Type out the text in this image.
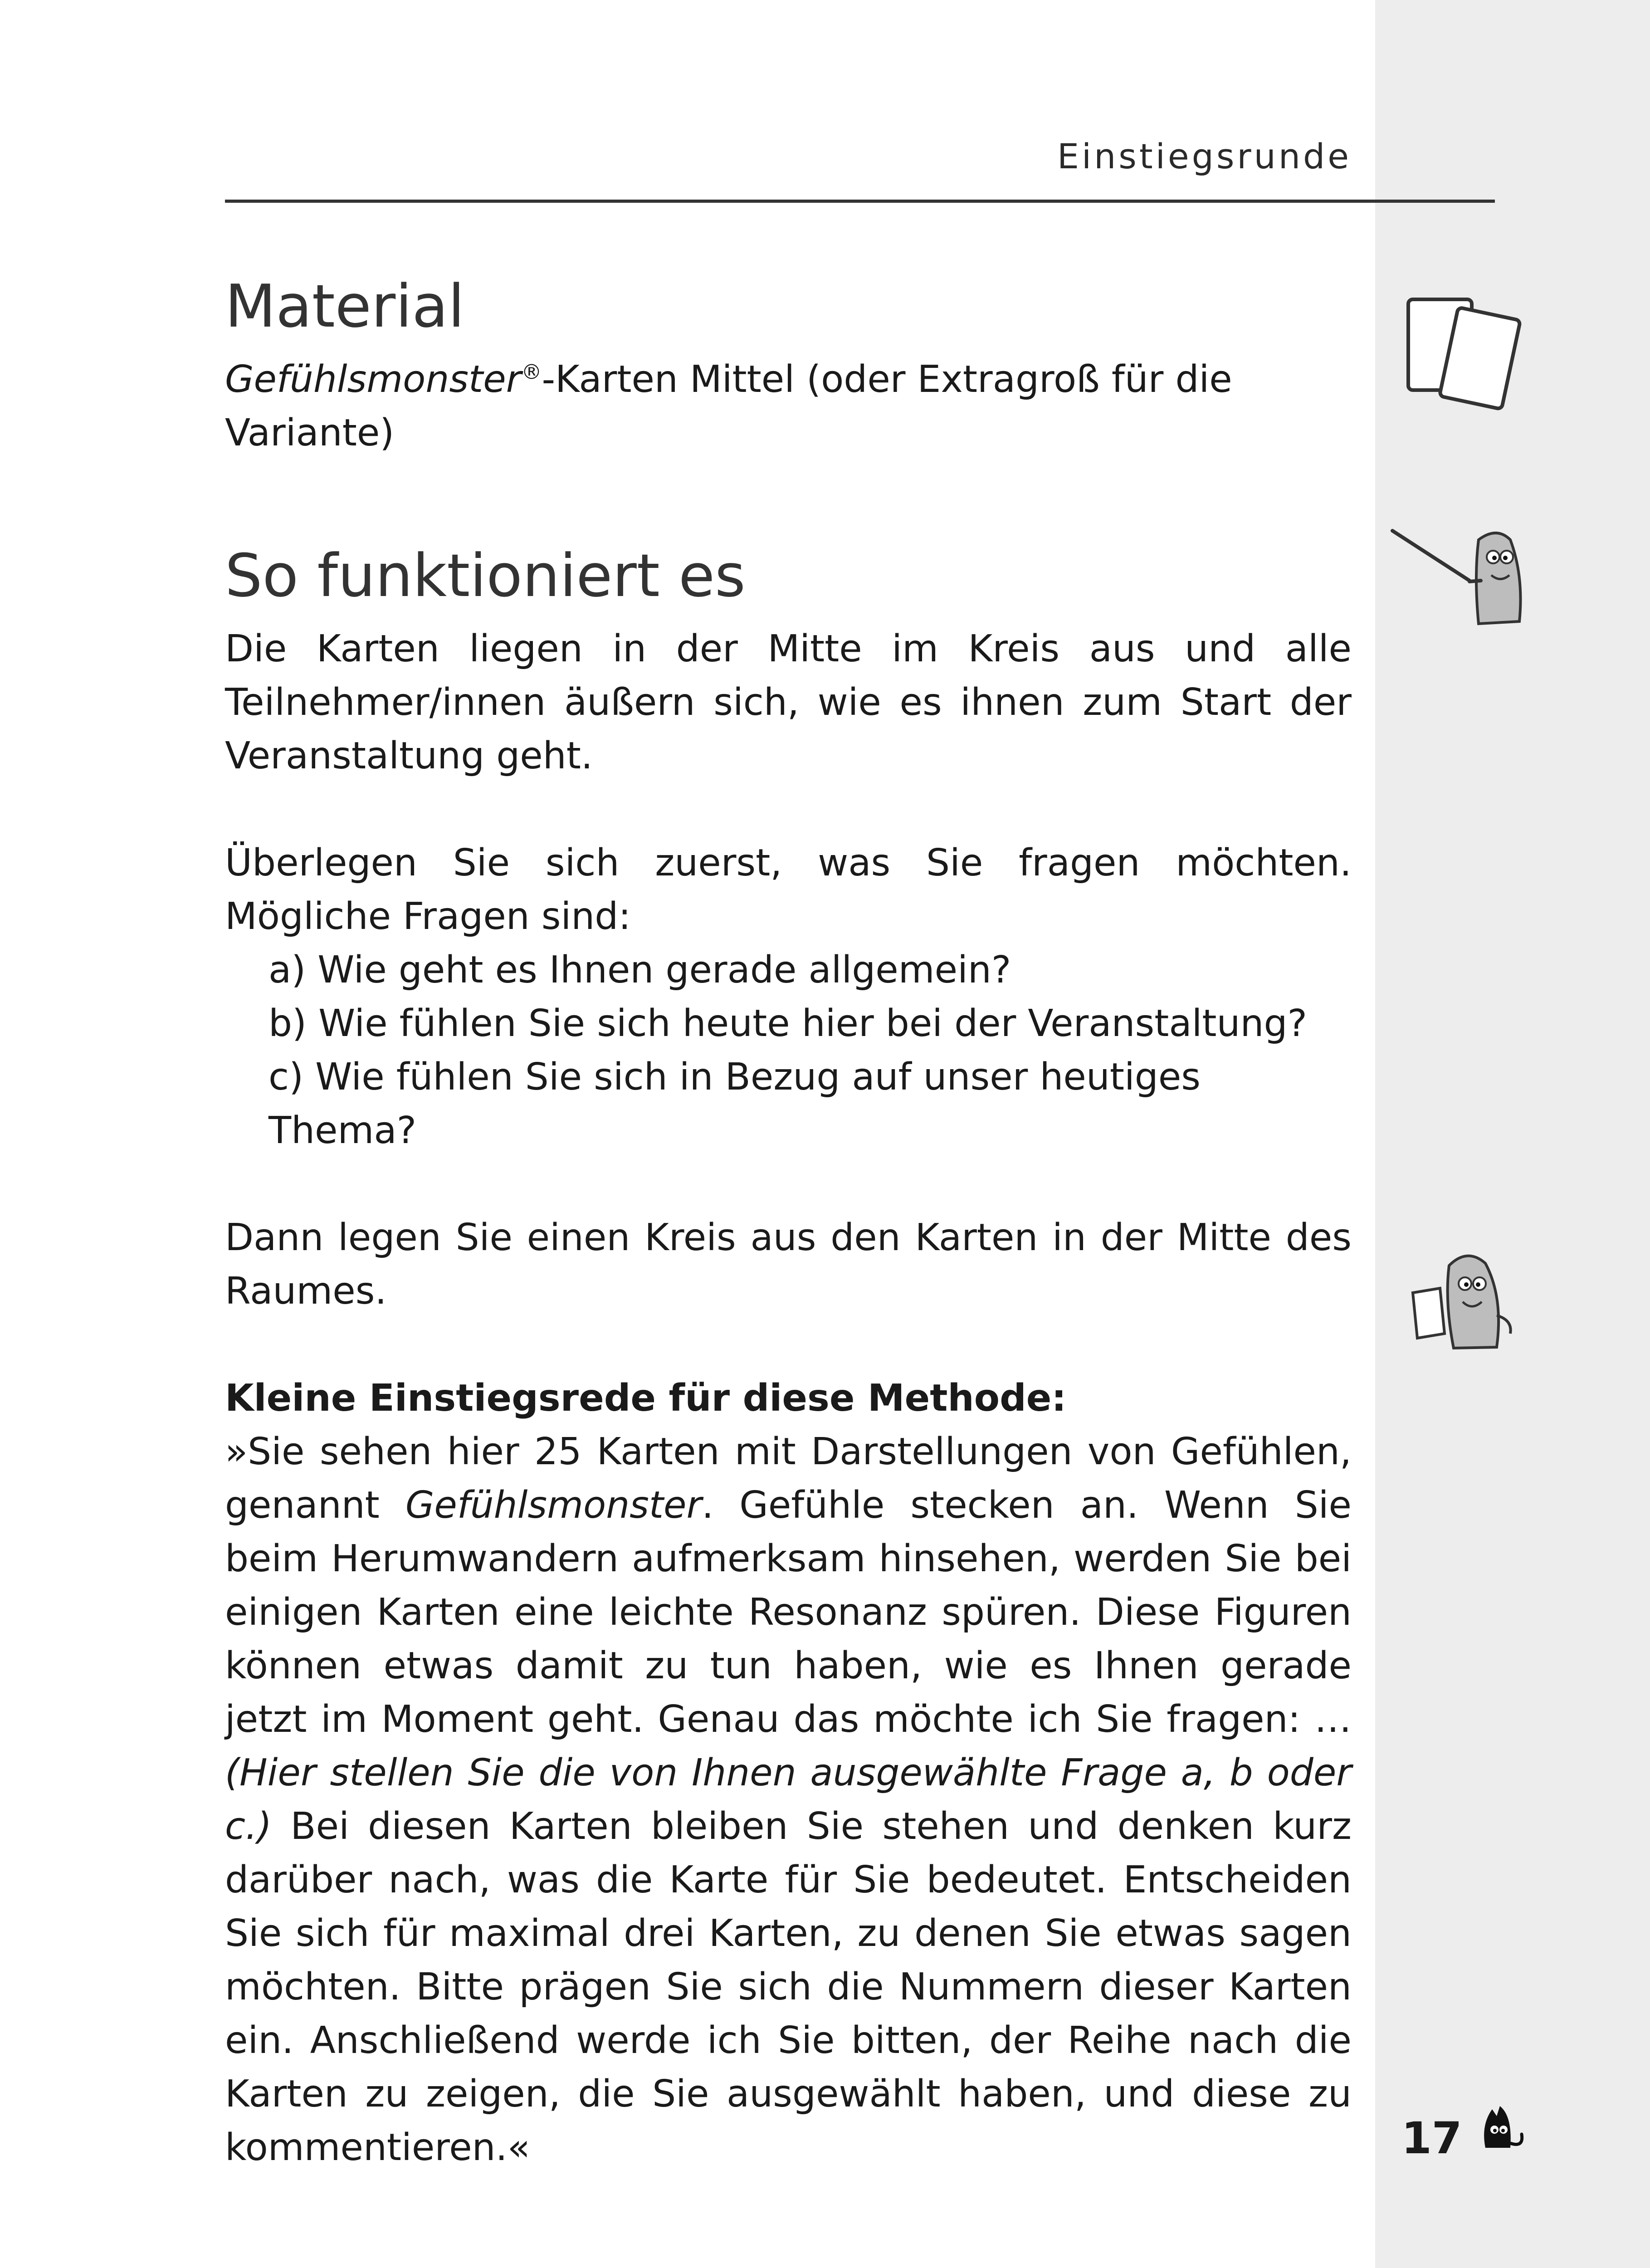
Einstiegsrunde
Material

Gefühlsmonster®-Karten Mittel (oder Extragroß für die Variante)

So funktioniert es

Die Karten liegen in der Mitte im Kreis aus und alle Teilnehmer/innen äußern sich, wie es ihnen zum Start der Veranstaltung geht.

Überlegen Sie sich zuerst, was Sie fragen möchten. Mögliche Fragen sind:

a) Wie geht es Ihnen gerade allgemein?

b) Wie fühlen Sie sich heute hier bei der Veranstaltung?

c) Wie fühlen Sie sich in Bezug auf unser heutiges Thema?

Dann legen Sie einen Kreis aus den Karten in der Mitte des Raumes.

Kleine Einstiegsrede für diese Methode:

»Sie sehen hier 25 Karten mit Darstellungen von Gefühlen, genannt Gefühlsmonster. Gefühle stecken an. Wenn Sie beim Herumwandern aufmerksam hinsehen, werden Sie bei einigen Karten eine leichte Resonanz spüren. Diese Figuren können etwas damit zu tun haben, wie es Ihnen gerade jetzt im Moment geht. Genau das möchte ich Sie fragen: … (Hier stellen Sie die von Ihnen ausgewählte Frage a, b oder c.) Bei diesen Karten bleiben Sie stehen und denken kurz darüber nach, was die Karte für Sie bedeutet. Entscheiden Sie sich für maximal drei Karten, zu denen Sie etwas sagen möchten. Bitte prägen Sie sich die Nummern dieser Karten ein. Anschließend werde ich Sie bitten, der Reihe nach die Karten zu zeigen, die Sie ausgewählt haben, und diese zu kommentieren.«	17
